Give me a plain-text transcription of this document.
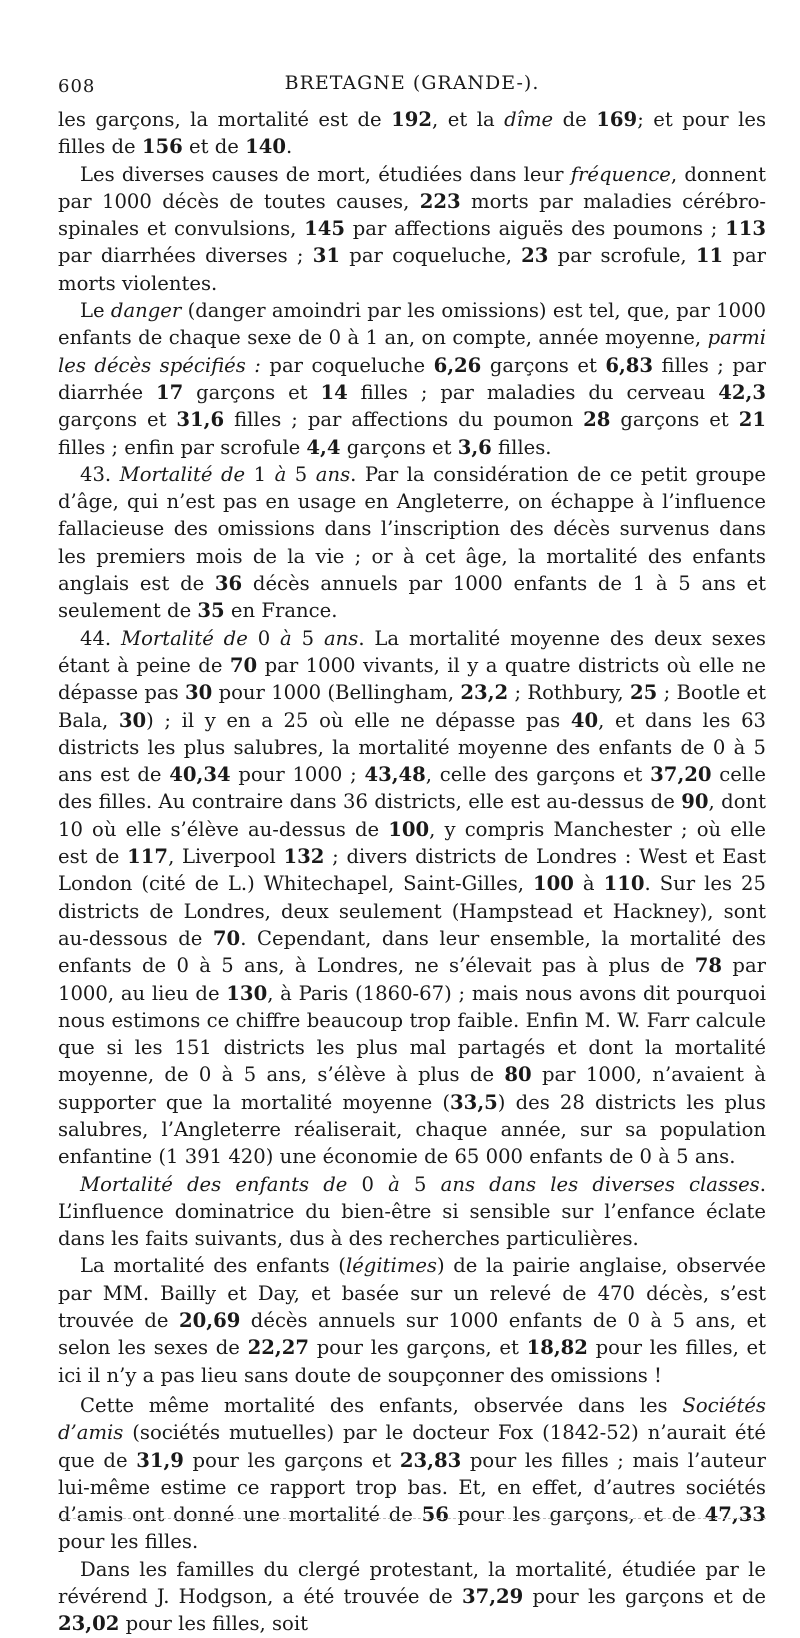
608	BRETAGNE (GRANDE-).

les garçons, la mortalité est de 192, et la dîme de 169; et pour les filles de 156 et de 140.

Les diverses causes de mort, étudiées dans leur fréquence, donnent par 1000 décès de toutes causes, 223 morts par maladies cérébro-spinales et convulsions, 145 par affections aiguës des poumons ; 113 par diarrhées diverses ; 31 par coqueluche, 23 par scrofule, 11 par morts violentes.

Le danger (danger amoindri par les omissions) est tel, que, par 1000 enfants de chaque sexe de 0 à 1 an, on compte, année moyenne, parmi les décès spécifiés : par coqueluche 6,26 garçons et 6,83 filles ; par diarrhée 17 garçons et 14 filles ; par maladies du cerveau 42,3 garçons et 31,6 filles ; par affections du poumon 28 garçons et 21 filles ; enfin par scrofule 4,4 garçons et 3,6 filles.

43. Mortalité de 1 à 5 ans. Par la considération de ce petit groupe d’âge, qui n’est pas en usage en Angleterre, on échappe à l’influence fallacieuse des omissions dans l’inscription des décès survenus dans les premiers mois de la vie ; or à cet âge, la mortalité des enfants anglais est de 36 décès annuels par 1000 enfants de 1 à 5 ans et seulement de 35 en France.

44. Mortalité de 0 à 5 ans. La mortalité moyenne des deux sexes étant à peine de 70 par 1000 vivants, il y a quatre districts où elle ne dépasse pas 30 pour 1000 (Bellingham, 23,2 ; Rothbury, 25 ; Bootle et Bala, 30) ; il y en a 25 où elle ne dépasse pas 40, et dans les 63 districts les plus salubres, la mortalité moyenne des enfants de 0 à 5 ans est de 40,34 pour 1000 ; 43,48, celle des garçons et 37,20 celle des filles. Au contraire dans 36 districts, elle est au-dessus de 90, dont 10 où elle s’élève au-dessus de 100, y compris Manchester ; où elle est de 117, Liverpool 132 ; divers districts de Londres : West et East London (cité de L.) Whitechapel, Saint-Gilles, 100 à 110. Sur les 25 districts de Londres, deux seulement (Hampstead et Hackney), sont au-dessous de 70. Cependant, dans leur ensemble, la mortalité des enfants de 0 à 5 ans, à Londres, ne s’élevait pas à plus de 78 par 1000, au lieu de 130, à Paris (1860-67) ; mais nous avons dit pourquoi nous estimons ce chiffre beaucoup trop faible. Enfin M. W. Farr calcule que si les 151 districts les plus mal partagés et dont la mortalité moyenne, de 0 à 5 ans, s’élève à plus de 80 par 1000, n’avaient à supporter que la mortalité moyenne (33,5) des 28 districts les plus salubres, l’Angleterre réaliserait, chaque année, sur sa population enfantine (1 391 420) une économie de 65 000 enfants de 0 à 5 ans.

Mortalité des enfants de 0 à 5 ans dans les diverses classes. L’influence dominatrice du bien-être si sensible sur l’enfance éclate dans les faits suivants, dus à des recherches particulières.

La mortalité des enfants (légitimes) de la pairie anglaise, observée par MM. Bailly et Day, et basée sur un relevé de 470 décès, s’est trouvée de 20,69 décès annuels sur 1000 enfants de 0 à 5 ans, et selon les sexes de 22,27 pour les garçons, et 18,82 pour les filles, et ici il n’y a pas lieu sans doute de soupçonner des omissions !

Cette même mortalité des enfants, observée dans les Sociétés d’amis (sociétés mutuelles) par le docteur Fox (1842-52) n’aurait été que de 31,9 pour les garçons et 23,83 pour les filles ; mais l’auteur lui-même estime ce rapport trop bas. Et, en effet, d’autres sociétés d’amis ont donné une mortalité de 56 pour les garçons, et de 47,33 pour les filles.

Dans les familles du clergé protestant, la mortalité, étudiée par le révérend J. Hodgson, a été trouvée de 37,29 pour les garçons et de 23,02 pour les filles, soit
